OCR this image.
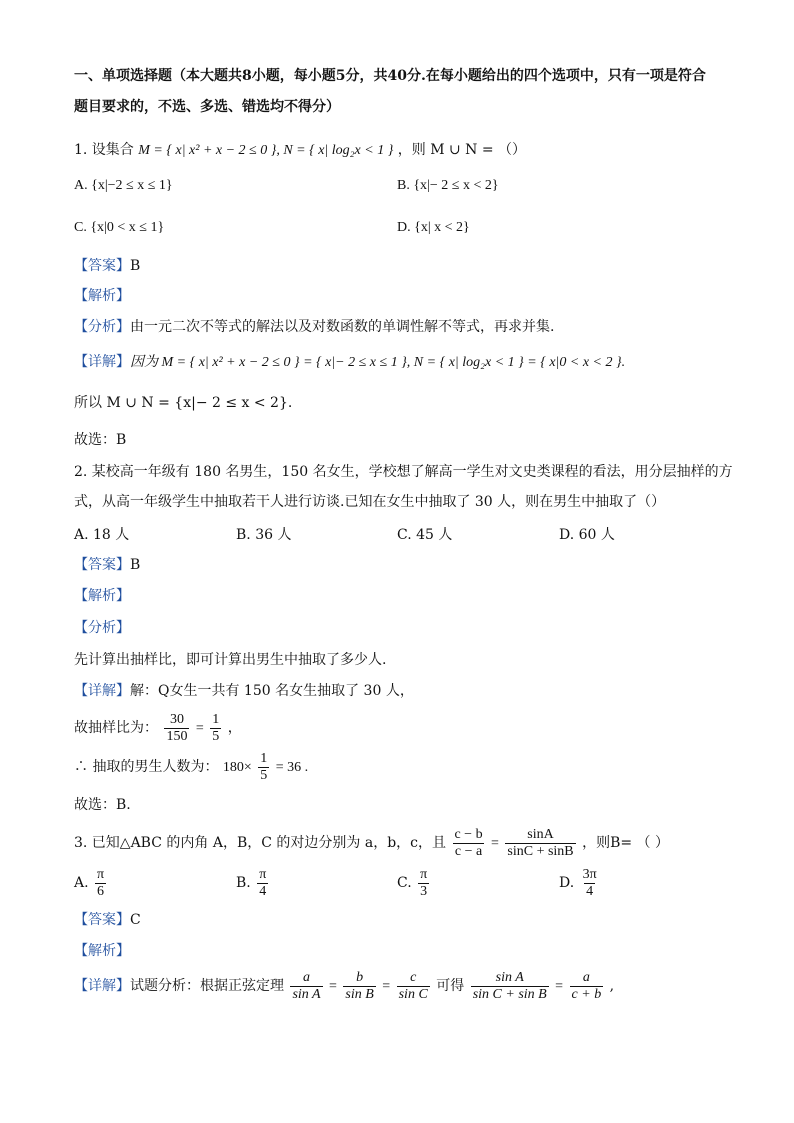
一、单项选择题（本大题共8小题，每小题5分，共40分.在每小题给出的四个选项中，只有一项是符合
题目要求的，不选、多选、错选均不得分）
1. 设集合 M = { x| x² + x − 2 ≤ 0 }, N = { x| log₂x < 1 } ，则 M ∪ N = （）
A. {x|−2 ≤ x ≤ 1}	B. {x|− 2 ≤ x < 2}
C. {x|0 < x ≤ 1}	D. {x| x < 2}
【答案】B
【解析】
【分析】由一元二次不等式的解法以及对数函数的单调性解不等式，再求并集.
【详解】因为 M = { x| x² + x − 2 ≤ 0 } = { x|− 2 ≤ x ≤ 1 }, N = { x| log₂x < 1 } = { x|0 < x < 2 }.
所以 M ∪ N = {x|− 2 ≤ x < 2}.
故选：B
2. 某校高一年级有 180 名男生，150 名女生，学校想了解高一学生对文史类课程的看法，用分层抽样的方
式，从高一年级学生中抽取若干人进行访谈.已知在女生中抽取了 30 人，则在男生中抽取了（）
A. 18 人	B. 36 人	C. 45 人	D. 60 人
【答案】B
【解析】
【分析】
先计算出抽样比，即可计算出男生中抽取了多少人.
【详解】解：Q女生一共有 150 名女生抽取了 30 人，
故抽样比为： $\frac{30}{150} = \frac{1}{5}$ ，
∴ 抽取的男生人数为： $180\times \frac{1}{5} = 36$ .
故选：B.
3. 已知△ABC 的内角 A，B，C 的对边分别为 a，b，c，且 $\frac{c - b}{c - a} = \frac{\sin A}{\sin C + \sin B}$ ，则B= （ ）
A. $\frac{\pi}{6}$	B. $\frac{\pi}{4}$	C. $\frac{\pi}{3}$	D. $\frac{3\pi}{4}$
【答案】C
【解析】
【详解】试题分析：根据正弦定理 $\frac{a}{\text{sin A}} = \frac{b}{\text{sin B}} = \frac{c}{\text{sin C}}$ 可得 $\frac{\text{sin A}}{\text{sin C + sin B}} = \frac{a}{c + b}$ ,
